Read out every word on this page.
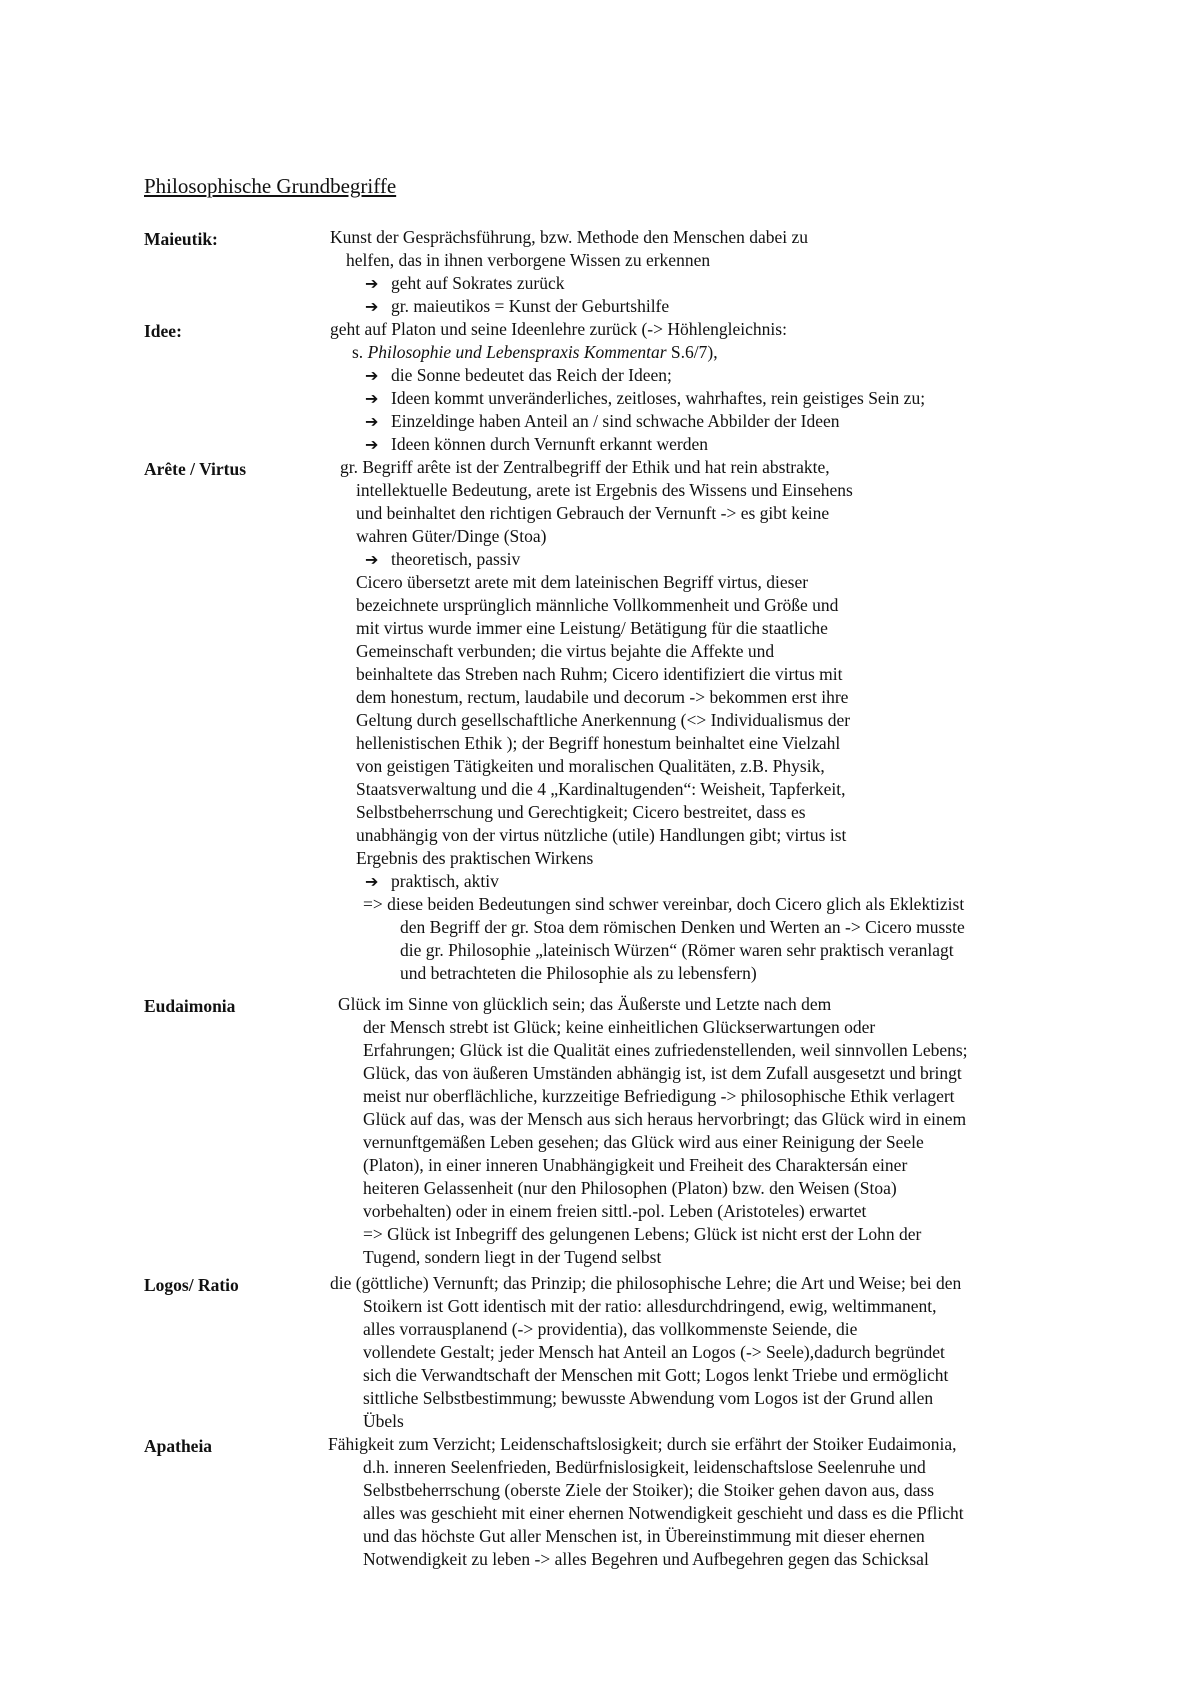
Philosophische Grundbegriffe
Maieutik:	Kunst der Gesprächsführung, bzw. Methode den Menschen dabei zu
helfen, das in ihnen verborgene Wissen zu erkennen
➔ geht auf Sokrates zurück
➔ gr. maieutikos = Kunst der Geburtshilfe
Idee:	geht auf Platon und seine Ideenlehre zurück (-> Höhlengleichnis:
s. Philosophie und Lebenspraxis Kommentar S.6/7),
➔ die Sonne bedeutet das Reich der Ideen;
➔ Ideen kommt unveränderliches, zeitloses, wahrhaftes, rein geistiges Sein zu;
➔ Einzeldinge haben Anteil an / sind schwache Abbilder der Ideen
➔ Ideen können durch Vernunft erkannt werden
Arête / Virtus	gr. Begriff arête ist der Zentralbegriff der Ethik und hat rein abstrakte,
intellektuelle Bedeutung, arete ist Ergebnis des Wissens und Einsehens
und beinhaltet den richtigen Gebrauch der Vernunft -> es gibt keine
wahren Güter/Dinge (Stoa)
➔ theoretisch, passiv
Cicero übersetzt arete mit dem lateinischen Begriff virtus, dieser
bezeichnete ursprünglich männliche Vollkommenheit und Größe und
mit virtus wurde immer eine Leistung/ Betätigung für die staatliche
Gemeinschaft verbunden; die virtus bejahte die Affekte und
beinhaltete das Streben nach Ruhm; Cicero identifiziert die virtus mit
dem honestum, rectum, laudabile und decorum -> bekommen erst ihre
Geltung durch gesellschaftliche Anerkennung (<> Individualismus der
hellenistischen Ethik ); der Begriff honestum beinhaltet eine Vielzahl
von geistigen Tätigkeiten und moralischen Qualitäten, z.B. Physik,
Staatsverwaltung und die 4 „Kardinaltugenden“: Weisheit, Tapferkeit,
Selbstbeherrschung und Gerechtigkeit; Cicero bestreitet, dass es
unabhängig von der virtus nützliche (utile) Handlungen gibt; virtus ist
Ergebnis des praktischen Wirkens
➔ praktisch, aktiv
=> diese beiden Bedeutungen sind schwer vereinbar, doch Cicero glich als Eklektizist
den Begriff der gr. Stoa dem römischen Denken und Werten an -> Cicero musste
die gr. Philosophie „lateinisch Würzen“ (Römer waren sehr praktisch veranlagt
und betrachteten die Philosophie als zu lebensfern)
Eudaimonia	Glück im Sinne von glücklich sein; das Äußerste und Letzte nach dem
der Mensch strebt ist Glück; keine einheitlichen Glückserwartungen oder
Erfahrungen; Glück ist die Qualität eines zufriedenstellenden, weil sinnvollen Lebens;
Glück, das von äußeren Umständen abhängig ist, ist dem Zufall ausgesetzt und bringt
meist nur oberflächliche, kurzzeitige Befriedigung -> philosophische Ethik verlagert
Glück auf das, was der Mensch aus sich heraus hervorbringt; das Glück wird in einem
vernunftgemäßen Leben gesehen; das Glück wird aus einer Reinigung der Seele
(Platon), in einer inneren Unabhängigkeit und Freiheit des Charaktersán einer
heiteren Gelassenheit (nur den Philosophen (Platon) bzw. den Weisen (Stoa)
vorbehalten) oder in einem freien sittl.-pol. Leben (Aristoteles) erwartet
=> Glück ist Inbegriff des gelungenen Lebens; Glück ist nicht erst der Lohn der
Tugend, sondern liegt in der Tugend selbst
Logos/ Ratio	die (göttliche) Vernunft; das Prinzip; die philosophische Lehre; die Art und Weise; bei den
Stoikern ist Gott identisch mit der ratio: allesdurchdringend, ewig, weltimmanent,
alles vorrausplanend (-> providentia), das vollkommenste Seiende, die
vollendete Gestalt; jeder Mensch hat Anteil an Logos (-> Seele),dadurch begründet
sich die Verwandtschaft der Menschen mit Gott; Logos lenkt Triebe und ermöglicht
sittliche Selbstbestimmung; bewusste Abwendung vom Logos ist der Grund allen
Übels
Apatheia	Fähigkeit zum Verzicht; Leidenschaftslosigkeit; durch sie erfährt der Stoiker Eudaimonia,
d.h. inneren Seelenfrieden, Bedürfnislosigkeit, leidenschaftslose Seelenruhe und
Selbstbeherrschung (oberste Ziele der Stoiker); die Stoiker gehen davon aus, dass
alles was geschieht mit einer ehernen Notwendigkeit geschieht und dass es die Pflicht
und das höchste Gut aller Menschen ist, in Übereinstimmung mit dieser ehernen
Notwendigkeit zu leben -> alles Begehren und Aufbegehren gegen das Schicksal
